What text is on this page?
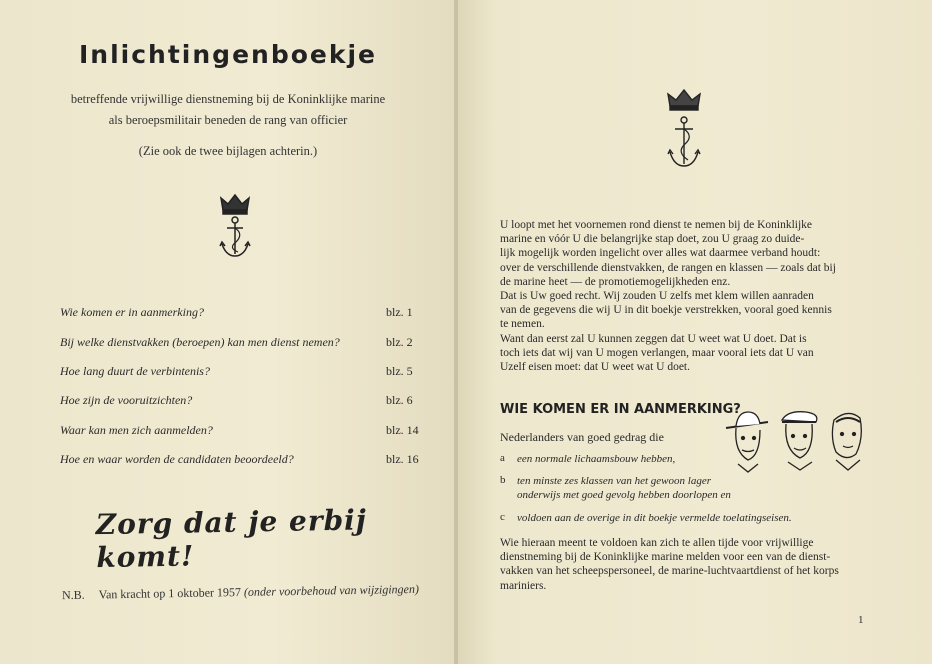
Inlichtingenboekje
betreffende vrijwillige dienstneming bij de Koninklijke marine
als beroepsmilitair beneden de rang van officier
(Zie ook de twee bijlagen achterin.)
Wie komen er in aanmerking?	blz. 1
Bij welke dienstvakken (beroepen) kan men dienst nemen?	blz. 2
Hoe lang duurt de verbintenis?	blz. 5
Hoe zijn de vooruitzichten?	blz. 6
Waar kan men zich aanmelden?	blz. 14
Hoe en waar worden de candidaten beoordeeld?	blz. 16
Zorg dat je erbij komt!
N.B. Van kracht op 1 oktober 1957 (onder voorbehoud van wijzigingen)
U loopt met het voornemen rond dienst te nemen bij de Koninklijke
marine en vóór U die belangrijke stap doet, zou U graag zo duide-
lijk mogelijk worden ingelicht over alles wat daarmee verband houdt:
over de verschillende dienstvakken, de rangen en klassen — zoals dat bij
de marine heet — de promotiemogelijkheden enz.
Dat is Uw goed recht. Wij zouden U zelfs met klem willen aanraden
van de gegevens die wij U in dit boekje verstrekken, vooral goed kennis
te nemen.
Want dan eerst zal U kunnen zeggen dat U weet wat U doet. Dat is
toch iets dat wij van U mogen verlangen, maar vooral iets dat U van
Uzelf eisen moet: dat U weet wat U doet.
WIE KOMEN ER IN AANMERKING?
Nederlanders van goed gedrag die
a een normale lichaamsbouw hebben,
b ten minste zes klassen van het gewoon lager
onderwijs met goed gevolg hebben doorlopen en
c voldoen aan de overige in dit boekje vermelde toelatingseisen.
Wie hieraan meent te voldoen kan zich te allen tijde voor vrijwillige
dienstneming bij de Koninklijke marine melden voor een van de dienst-
vakken van het scheepspersoneel, de marine-luchtvaartdienst of het korps
mariniers.
1
